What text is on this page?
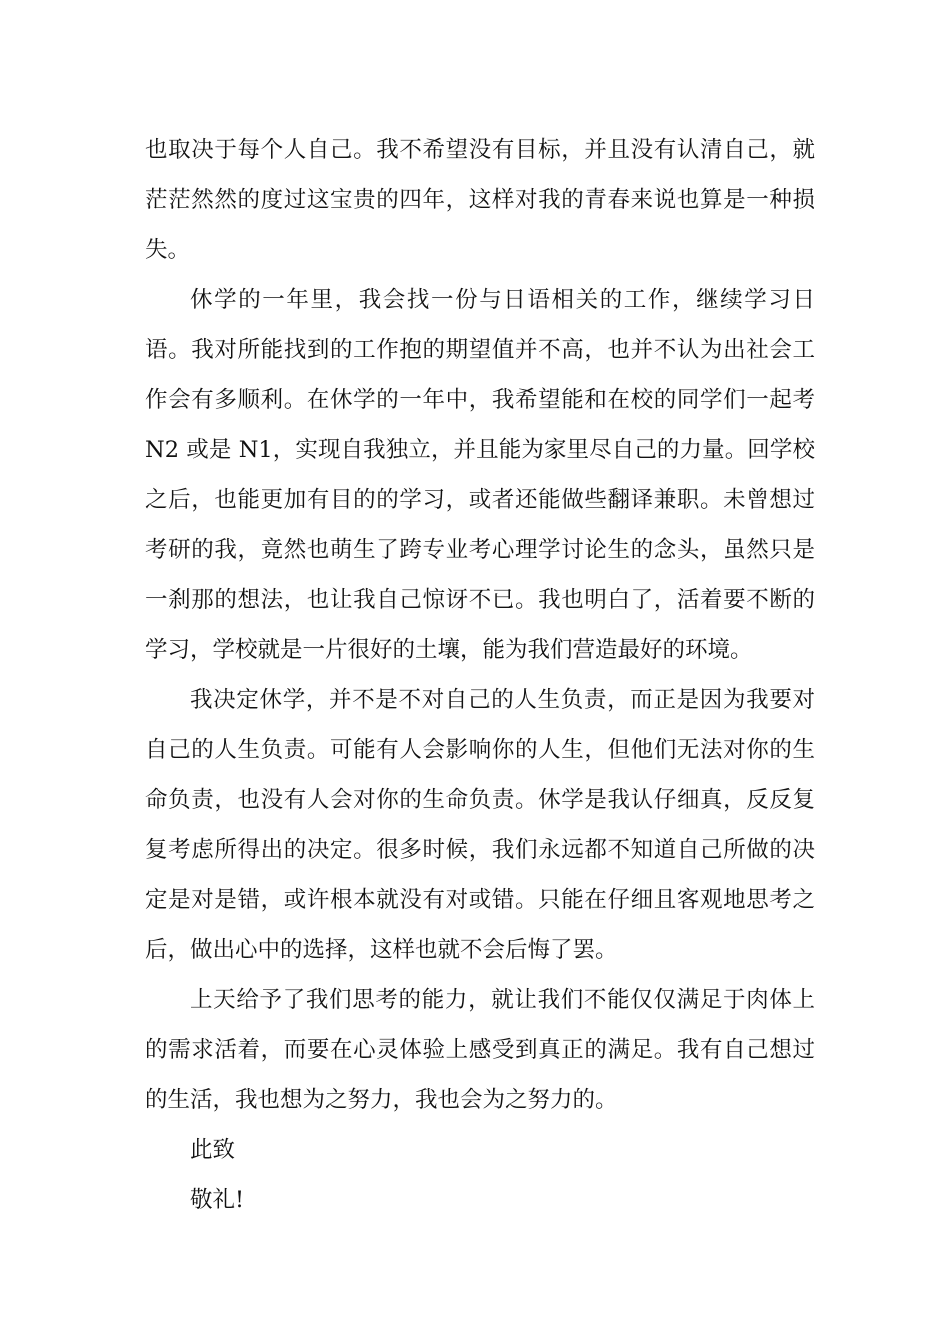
也取决于每个人自己。我不希望没有目标，并且没有认清自己，就茫茫然然的度过这宝贵的四年，这样对我的青春来说也算是一种损失。

休学的一年里，我会找一份与日语相关的工作，继续学习日语。我对所能找到的工作抱的期望值并不高，也并不认为出社会工作会有多顺利。在休学的一年中，我希望能和在校的同学们一起考 N2 或是 N1，实现自我独立，并且能为家里尽自己的力量。回学校之后，也能更加有目的的学习，或者还能做些翻译兼职。未曾想过考研的我，竟然也萌生了跨专业考心理学讨论生的念头，虽然只是一刹那的想法，也让我自己惊讶不已。我也明白了，活着要不断的学习，学校就是一片很好的土壤，能为我们营造最好的环境。

我决定休学，并不是不对自己的人生负责，而正是因为我要对自己的人生负责。可能有人会影响你的人生，但他们无法对你的生命负责，也没有人会对你的生命负责。休学是我认仔细真，反反复复考虑所得出的决定。很多时候，我们永远都不知道自己所做的决定是对是错，或许根本就没有对或错。只能在仔细且客观地思考之后，做出心中的选择，这样也就不会后悔了罢。

上天给予了我们思考的能力，就让我们不能仅仅满足于肉体上的需求活着，而要在心灵体验上感受到真正的满足。我有自己想过的生活，我也想为之努力，我也会为之努力的。

此致

敬礼!
